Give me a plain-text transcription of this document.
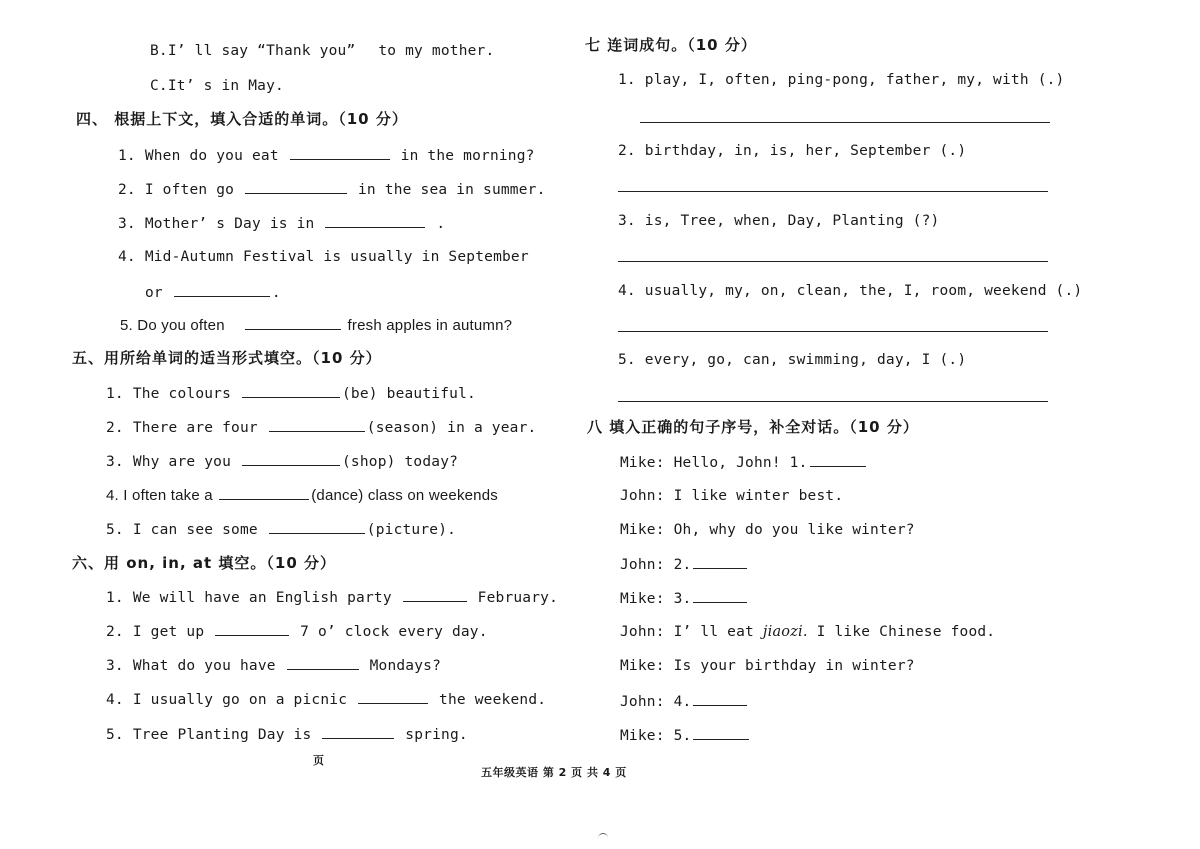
B.I’ ll say “Thank you” to my mother.
C.It’ s in May.
四、 根据上下文，填入合适的单词。（10 分）
1. When do you eat	in the morning?
2. I often go	in the sea in summer.
3. Mother’ s Day is in	.
4. Mid-Autumn Festival is usually in September
or	.
5. Do you often	fresh apples in autumn?
五、用所给单词的适当形式填空。（10 分）
1. The colours	(be) beautiful.
2. There are four	(season) in a year.
3. Why are you	(shop) today?
4. I often take a	(dance) class on weekends
5. I can see some	(picture).
六、用 on, in, at 填空。（10 分）
1. We will have an English party	February.
2. I get up	7 o’ clock every day.
3. What do you have	Mondays?
4. I usually go on a picnic	the weekend.
5. Tree Planting Day is	spring.
七 连词成句。（10 分）
1. play, I, often, ping-pong, father, my, with (.)
2. birthday, in, is, her, September (.)
3. is, Tree, when, Day, Planting (?)
4. usually, my, on, clean, the, I, room, weekend (.)
5. every, go, can, swimming, day, I (.)
八 填入正确的句子序号，补全对话。（10 分）
Mike: Hello, John! 1.
John: I like winter best.
Mike: Oh, why do you like winter?
John: 2.
Mike: 3.
John: I’ ll eat jiaozi. I like Chinese food.
Mike: Is your birthday in winter?
John: 4.
Mike: 5.
页
五年级英语 第 2 页 共 4 页
